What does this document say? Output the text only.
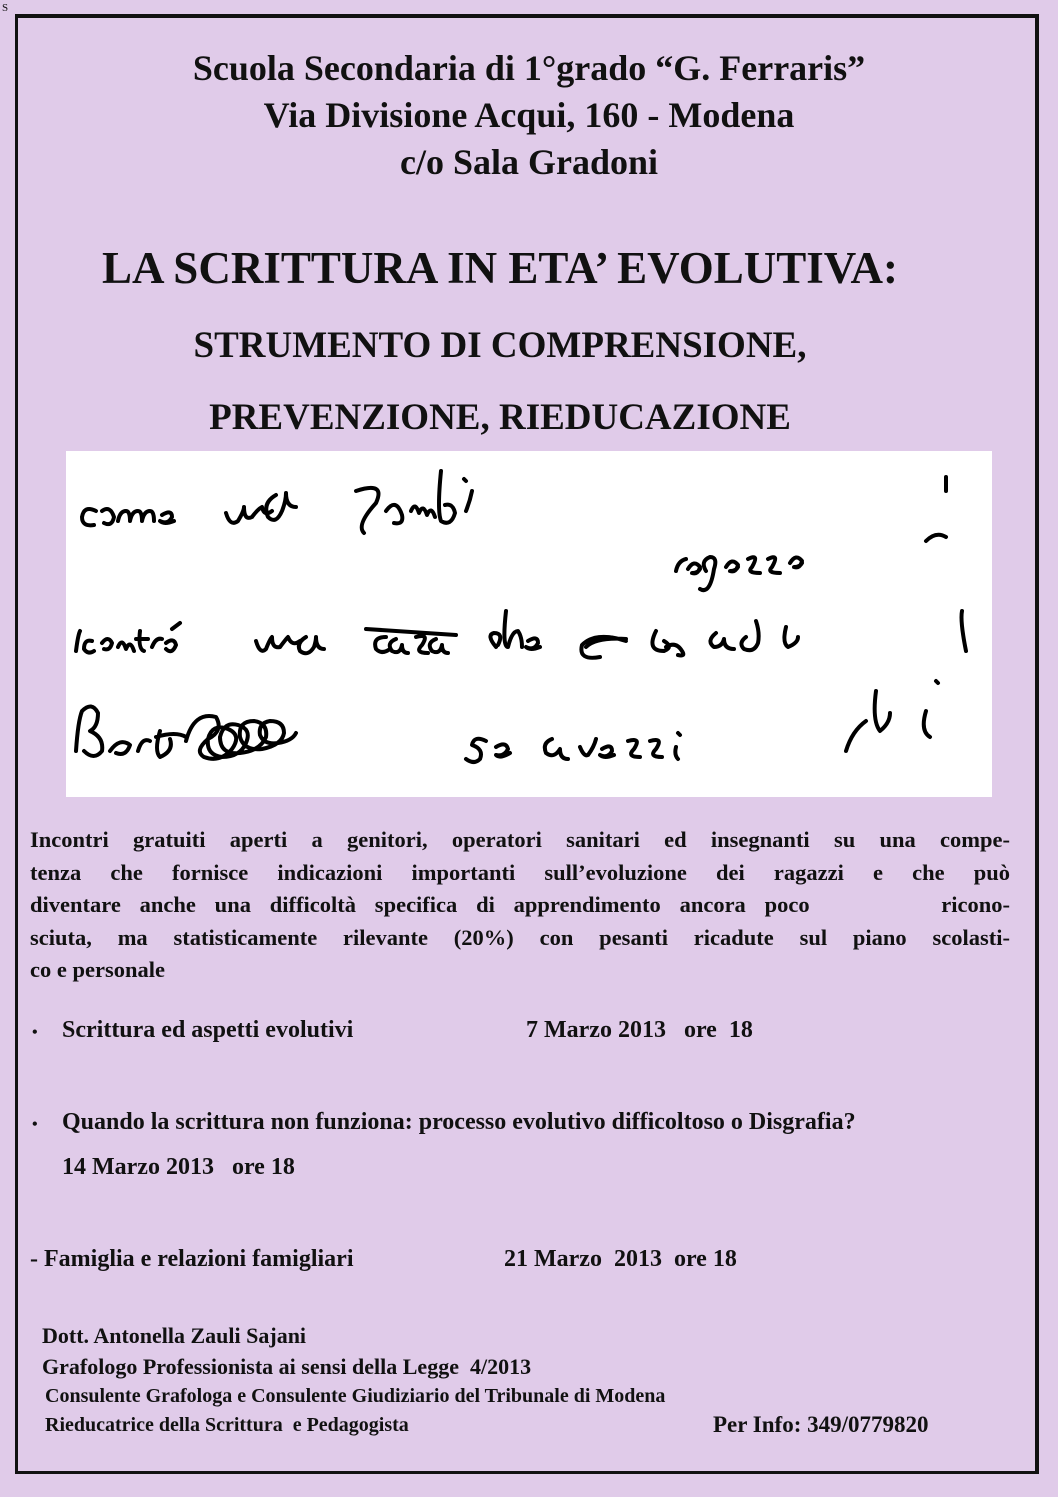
S
Scuola Secondaria di 1°grado “G. Ferraris”
Via Divisione Acqui, 160 - Modena
c/o Sala Gradoni
LA SCRITTURA IN ETA’ EVOLUTIVA:
STRUMENTO DI COMPRENSIONE,
PREVENZIONE, RIEDUCAZIONE
Incontri gratuiti aperti a genitori, operatori sanitari ed insegnanti su una compe-
tenza che fornisce indicazioni importanti sull’evoluzione dei ragazzi e che può
diventare anche una difficoltà specifica di apprendimento ancora poco       ricono-
sciuta, ma statisticamente rilevante (20%) con pesanti ricadute sul piano scolasti-
co e personale
• Scrittura ed aspetti evolutivi	7 Marzo 2013   ore  18
• Quando la scrittura non funziona: processo evolutivo difficoltoso o Disgrafia?
14 Marzo 2013   ore 18
- Famiglia e relazioni famigliari	21 Marzo  2013  ore 18
Dott. Antonella Zauli Sajani
Grafologo Professionista ai sensi della Legge  4/2013
Consulente Grafologa e Consulente Giudiziario del Tribunale di Modena
Rieducatrice della Scrittura  e Pedagogista	Per Info: 349/0779820
